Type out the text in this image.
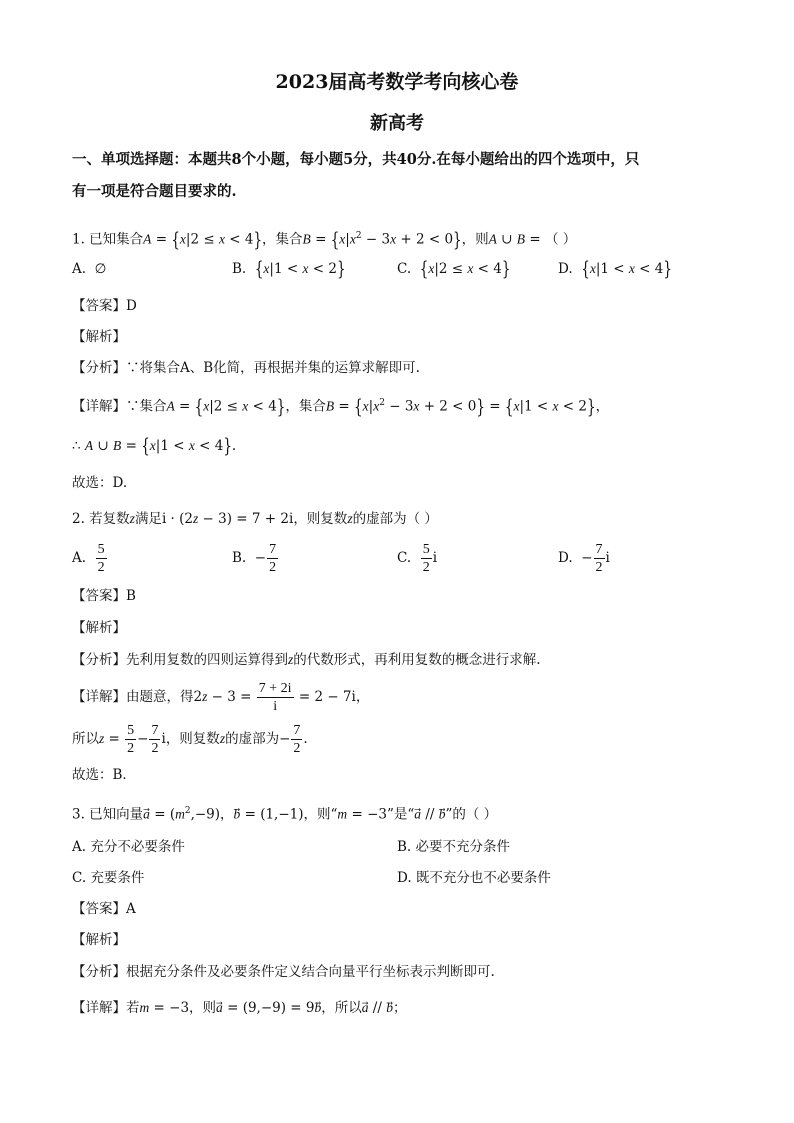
2023届高考数学考向核心卷
新高考
一、单项选择题：本题共8个小题，每小题5分，共40分.在每小题给出的四个选项中，只
有一项是符合题目要求的.
1. 已知集合A = {x|2 ≤ x < 4}，集合$B = \{x|x^2 - 3x + 2 < 0\}$，则A ∪ B = （ ）
A.  ∅	B. {x|1 < x < 2}	C. {x|2 ≤ x < 4}	D. {x|1 < x < 4}
【答案】D
【解析】
【分析】∵将集合A、B化简，再根据并集的运算求解即可.
【详解】∵集合A = {x|2 ≤ x < 4}，集合$B = \{x|x^2 - 3x + 2 < 0\} = \{x|1 < x < 2\}$，
∴ A ∪ B = {x|1 < x < 4}.
故选：D.
2. 若复数z满足i · (2z − 3) = 7 + 2i，则复数z的虚部为（ ）
A. $\frac{5}{2}$	B.  − $\frac{7}{2}$	C. $\frac{5}{2}$ i	D.  − $\frac{7}{2}$ i
【答案】B
【解析】
【分析】先利用复数的四则运算得到z的代数形式，再利用复数的概念进行求解.
【详解】由题意，得$2z - 3 = \frac{7 + 2i}{i} = 2 - 7i$，
所以$z = \frac{5}{2} - \frac{7}{2}$ i，则复数z的虚部为− $\frac{7}{2}$ .
故选：B．
3. 已知向量a⃗ = $(m^2,-9)$，b⃗ = (1,−1)，则“m = −3”是“a⃗ // b”的（ ）
A. 充分不必要条件	B. 必要不充分条件
C. 充要条件	D. 既不充分也不必要条件
【答案】A
【解析】
【分析】根据充分条件及必要条件定义结合向量平行坐标表示判断即可.
【详解】若m = −3，则a⃗ = (9,−9) = 9b，所以a⃗ // b；
